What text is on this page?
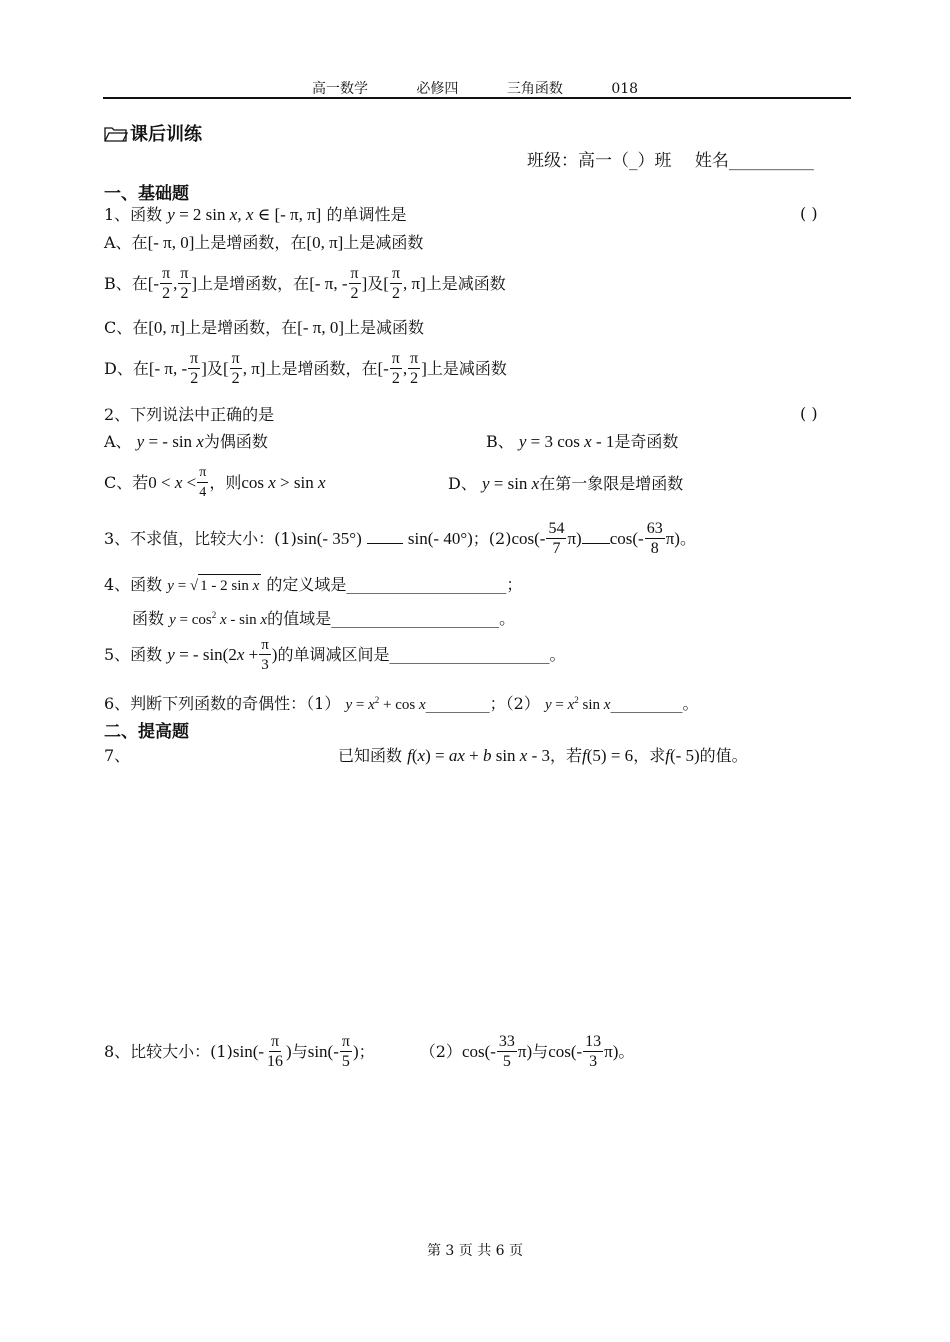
高一数学	必修四	三角函数	018
课后训练
班级：高一（_）班 姓名__________
一、基础题
1、函数 y = 2 sin x, x ∈ [- π, π] 的单调性是	( )
A、在[- π, 0]上是增函数，在[0, π]上是减函数
B、在[- $\frac{\pi}{2}$ , $\frac{\pi}{2}$ ]上是增函数，在[- π, - $\frac{\pi}{2}$ ]及[ $\frac{\pi}{2}$ , π]上是减函数
C、在[0, π]上是增函数，在[- π, 0]上是减函数
D、在[- π, - $\frac{\pi}{2}$ ]及[ $\frac{\pi}{2}$ , π]上是增函数，在[- $\frac{\pi}{2}$ , $\frac{\pi}{2}$ ]上是减函数
2、下列说法中正确的是	( )
A、 y = - sin x为偶函数	B、 y = 3 cos x - 1是奇函数
C、若$0 < x < \frac{\pi}{4}$ ，则cos x > sin x	D、 y = sin x在第一象限是增函数
3、不求值，比较大小：(1)sin(- 35°)	sin(- 40°)；$(2)\cos(- \frac{54}{7} \pi)$ $\cos(- \frac{63}{8} \pi)$。
4、函数 y = √ 1 - 2 sin x 的定义域是____________________；
函数 $y = \cos^2 x - \sin x$的值域是_____________________。
5、函数 y = - $\sin(2x + \frac{\pi}{3}$ )的单调减区间是____________________。
6、判断下列函数的奇偶性：（1） $y = x^2 + \cos$ x________；（2） $y = x^2$ sin x_________。
二、提高题
7、	已知函数 f(x) = ax + b sin x - 3，若f(5) = 6，求f(- 5)的值。
8、比较大小：$(1)\sin(- \frac{\pi}{16}$ )与$\sin(- \frac{\pi}{5}$ )；	$(2)\cos(- \frac{33}{5} \pi)$与$\cos(- \frac{13}{3} \pi)$。
第 3 页 共 6 页
